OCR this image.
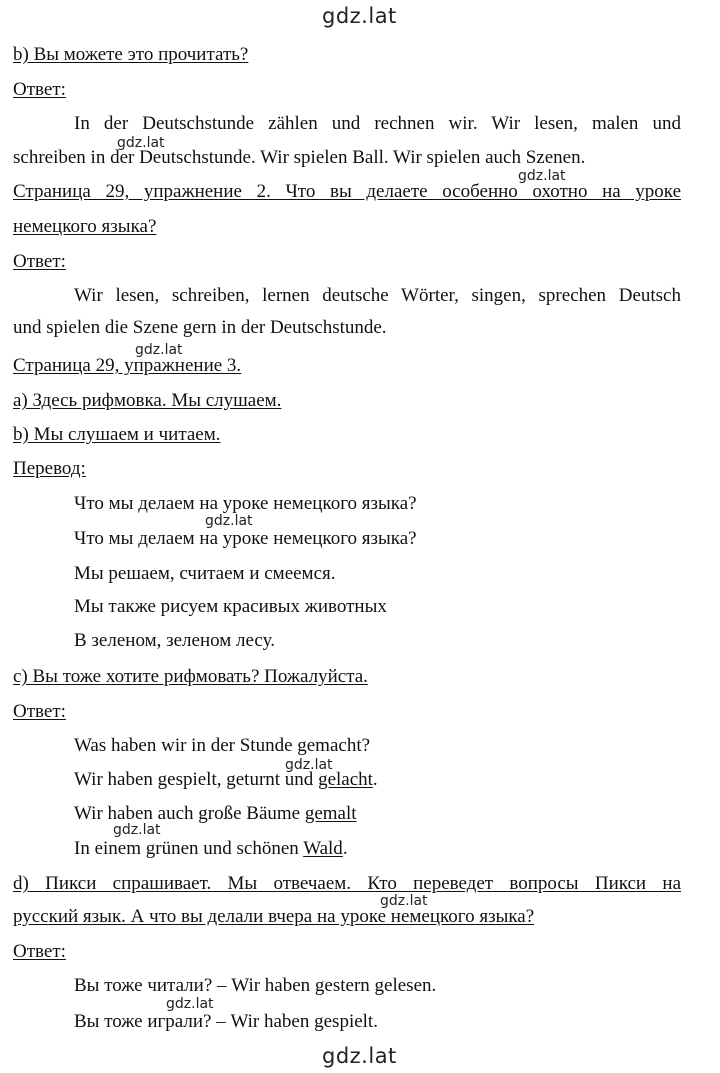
gdz.lat
gdz.lat
gdz.lat
gdz.lat
gdz.lat
gdz.lat
gdz.lat
gdz.lat
gdz.lat
gdz.lat
b) Вы можете это прочитать?
Ответ:
In der Deutschstunde zählen und rechnen wir. Wir lesen, malen und
schreiben in der Deutschstunde. Wir spielen Ball. Wir spielen auch Szenen.
Страница 29, упражнение 2. Что вы делаете особенно охотно на уроке
немецкого языка?
Ответ:
Wir lesen, schreiben, lernen deutsche Wörter, singen, sprechen Deutsch
und spielen die Szene gern in der Deutschstunde.
Страница 29, упражнение 3.
a) Здесь рифмовка. Мы слушаем.
b) Мы слушаем и читаем.
Перевод:
Что мы делаем на уроке немецкого языка?
Что мы делаем на уроке немецкого языка?
Мы решаем, считаем и смеемся.
Мы также рисуем красивых животных
В зеленом, зеленом лесу.
c) Вы тоже хотите рифмовать? Пожалуйста.
Ответ:
Was haben wir in der Stunde gemacht?
Wir haben gespielt, geturnt und gelacht.
Wir haben auch große Bäume gemalt
In einem grünen und schönen Wald.
d) Пикси спрашивает. Мы отвечаем. Кто переведет вопросы Пикси на
русский язык. А что вы делали вчера на уроке немецкого языка?
Ответ:
Вы тоже читали? – Wir haben gestern gelesen.
Вы тоже играли? – Wir haben gespielt.
